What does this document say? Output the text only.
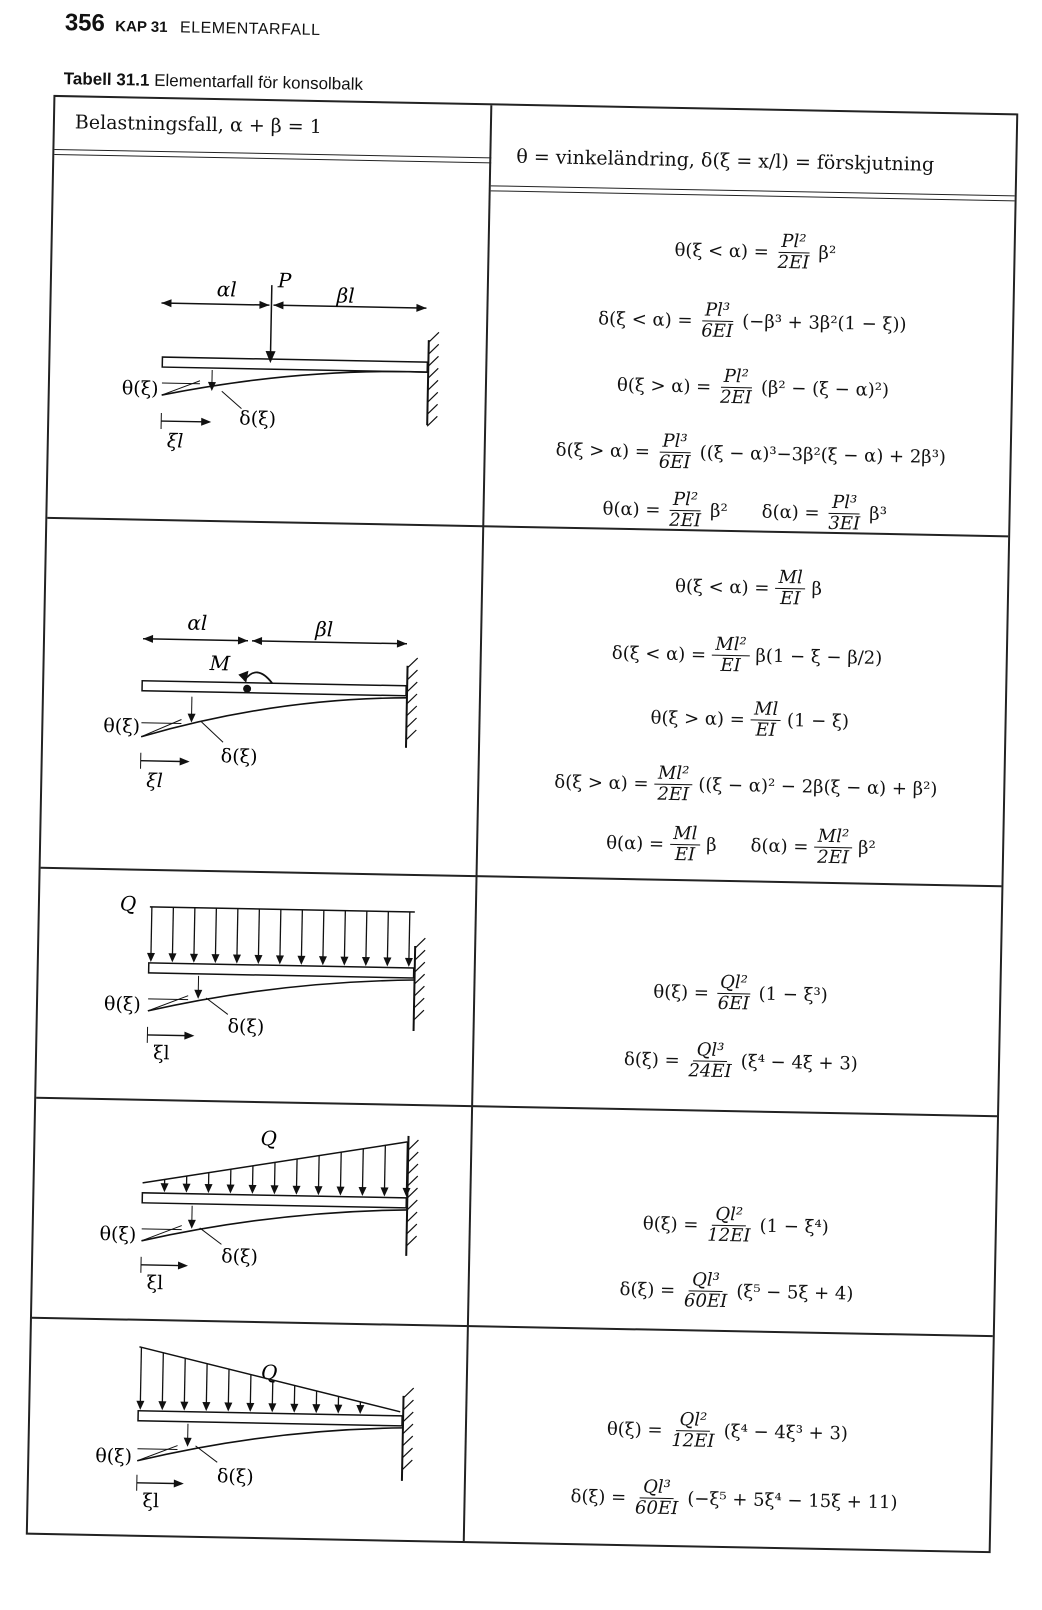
356 KAP 31 ELEMENTARFALL
Tabell 31.1 Elementarfall för konsolbalk
Belastningsfall, α + β = 1
θ = vinkeländring, δ(ξ = x/l) = förskjutning
αl	βl
P
θ(ξ)
δ(ξ)
ξl
$\theta(\xi < \alpha) = \frac{\text{Pl²}}{2EI} \beta^2$
$\delta(\xi < \alpha) = \frac{\text{Pl³}}{6EI} (-\beta^3 + 3\beta^2(1 - \xi))$
$\theta(\xi > \alpha) = \frac{\text{Pl²}}{2EI} (\beta^2 - (\xi - \alpha)^2)$
$\delta(\xi > \alpha) = \frac{\text{Pl³}}{6EI} ((\xi - \alpha)^3-3\beta^2(\xi - \alpha) + 2\beta^3)$
$\theta(\alpha) = \frac{\text{Pl²}}{2EI} \beta^2$ $\delta(\alpha) = \frac{\text{Pl³}}{3EI} \beta^3$
αl	βl
M
θ(ξ)
δ(ξ)
ξl
$\theta(\xi < \alpha) = \frac{Ml}{EI}$ β
$\delta(\xi < \alpha) = \frac{\text{Ml²}}{EI} \beta(1 - \xi - \beta/2)$
$\theta(\xi > \alpha) = \frac{Ml}{EI} (1 - \xi)$
$\delta(\xi > \alpha) = \frac{\text{Ml²}}{2EI} ((\xi - \alpha)^2 - 2\beta(\xi - \alpha) + \beta^2)$
$\theta(\alpha) = \frac{Ml}{EI}$ β $\delta(\alpha) = \frac{\text{Ml²}}{2EI} \beta^2$
Q
θ(ξ)
δ(ξ)
ξl
$\theta(\xi) = \frac{\text{Ql²}}{6EI} (1 - \xi^3)$
$\delta(\xi) = \frac{\text{Ql³}}{24EI} (\xi^4 - 4\xi + 3)$
Q
θ(ξ)
δ(ξ)
ξl
$\theta(\xi) = \frac{\text{Ql²}}{12EI} (1 - \xi^4)$
$\delta(\xi) = \frac{\text{Ql³}}{60EI} (\xi^5 - 5\xi + 4)$
Q
θ(ξ)
δ(ξ)
ξl
$\theta(\xi) = \frac{\text{Ql²}}{12EI} (\xi^4 - 4\xi^3 + 3)$
$\delta(\xi) = \frac{\text{Ql³}}{60EI} (-\xi^5 + 5\xi^4 - 15\xi + 11)$
